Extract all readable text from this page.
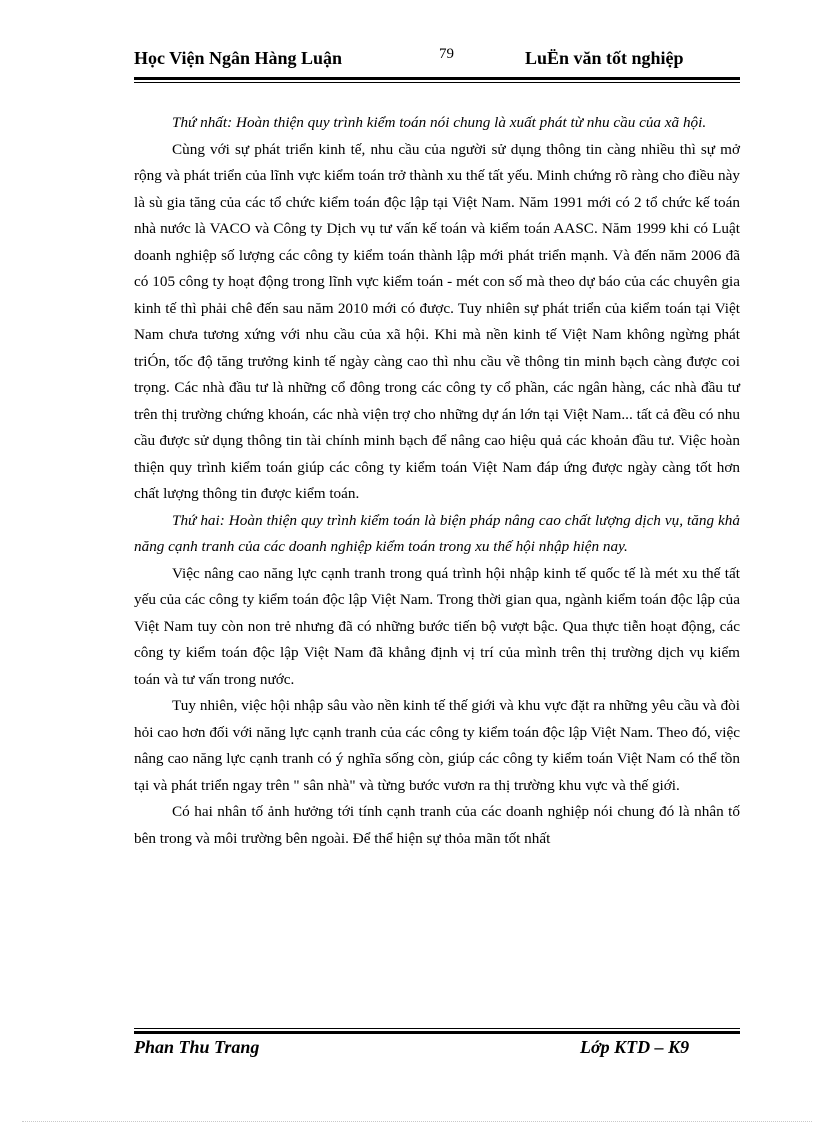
Học Viện Ngân Hàng Luận	79	LuËn văn tốt nghiệp

Thứ nhất: Hoàn thiện quy trình kiểm toán nói chung là xuất phát từ nhu cầu của xã hội.

Cùng với sự phát triển kinh tế, nhu cầu của người sử dụng thông tin càng nhiều thì sự mở rộng và phát triển của lĩnh vực kiểm toán trở thành xu thế tất yếu. Minh chứng rõ ràng cho điều này là sù gia tăng của các tổ chức kiểm toán độc lập tại Việt Nam. Năm 1991 mới có 2 tổ chức kế toán nhà nước là VACO và Công ty Dịch vụ tư vấn kế toán và kiểm toán AASC. Năm 1999 khi có Luật doanh nghiệp số lượng các công ty kiểm toán thành lập mới phát triển mạnh. Và đến năm 2006 đã có 105 công ty hoạt động trong lĩnh vực kiểm toán - mét con số mà theo dự báo của các chuyên gia kinh tế thì phải chê đến sau năm 2010 mới có được. Tuy nhiên sự phát triển của kiểm toán tại Việt Nam chưa tương xứng với nhu cầu của xã hội. Khi mà nền kinh tế Việt Nam không ngừng phát triÓn, tốc độ tăng trưởng kinh tế ngày càng cao thì nhu cầu về thông tin minh bạch càng được coi trọng. Các nhà đầu tư là những cổ đông trong các công ty cổ phần, các ngân hàng, các nhà đầu tư trên thị trường chứng khoán, các nhà viện trợ cho những dự án lớn tại Việt Nam... tất cả đều có nhu cầu được sử dụng thông tin tài chính minh bạch để nâng cao hiệu quả các khoản đầu tư. Việc hoàn thiện quy trình kiểm toán giúp các công ty kiểm toán Việt Nam đáp ứng được ngày càng tốt hơn chất lượng thông tin được kiểm toán.

Thứ hai: Hoàn thiện quy trình kiểm toán là biện pháp nâng cao chất lượng dịch vụ, tăng khả năng cạnh tranh của các doanh nghiệp kiểm toán trong xu thế hội nhập hiện nay.

Việc nâng cao năng lực cạnh tranh trong quá trình hội nhập kinh tế quốc tế là mét xu thế tất yếu của các công ty kiểm toán độc lập Việt Nam. Trong thời gian qua, ngành kiểm toán độc lập của Việt Nam tuy còn non trẻ nhưng đã có những bước tiến bộ vượt bậc. Qua thực tiễn hoạt động, các công ty kiểm toán độc lập Việt Nam đã khẳng định vị trí của mình trên thị trường dịch vụ kiểm toán và tư vấn trong nước.

Tuy nhiên, việc hội nhập sâu vào nền kinh tế thế giới và khu vực đặt ra những yêu cầu và đòi hỏi cao hơn đối với năng lực cạnh tranh của các công ty kiểm toán độc lập Việt Nam. Theo đó, việc nâng cao năng lực cạnh tranh có ý nghĩa sống còn, giúp các công ty kiểm toán Việt Nam có thể tồn tại và phát triển ngay trên " sân nhà" và từng bước vươn ra thị trường khu vực và thế giới.

Có hai nhân tố ảnh hưởng tới tính cạnh tranh của các doanh nghiệp nói chung đó là nhân tố bên trong và môi trường bên ngoài. Để thể hiện sự thỏa mãn tốt nhất

Phan Thu Trang	Lớp KTD – K9
